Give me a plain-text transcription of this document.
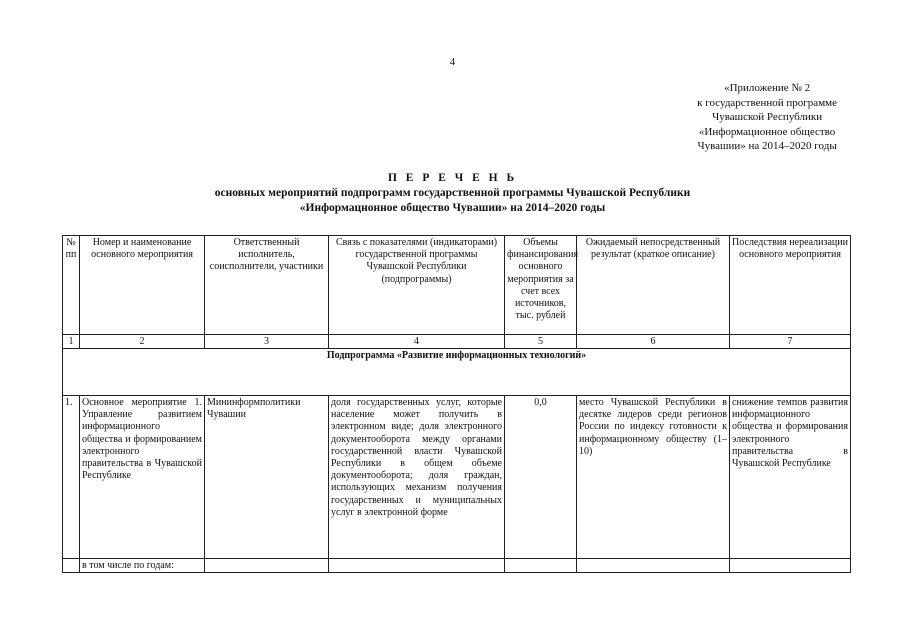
4
«Приложение № 2
к государственной программе
Чувашской Республики
«Информационное общество
Чувашии» на 2014–2020 годы
П Е Р Е Ч Е Н Ь
основных мероприятий подпрограмм государственной программы Чувашской Республики
«Информацнонное общество Чувашии» на 2014–2020 годы
№ пп	Номер и наименование основного мероприятия	Ответственный исполнитель, соисполнители, участники	Связь с показателями (индикаторами) государственной программы Чувашской Республики (подпрограммы)	Объемы финансирования основного мероприятия за счет всех источников, тыс. рублей	Ожидаемый непосредственный результат (краткое описание)	Последствия нереализации основного мероприятия
1	2	3	4	5	6	7
Подпрограмма «Развитие информационных технологий»						
1.	Основное мероприятие 1. Управление развитием информационного общества и формированием электронного правительства в Чувашской Республике	Мининформполитики Чувашии	доля государственных услуг, которые население может получить в электронном виде; доля электронного документооборота между органами государственной власти Чувашской Республики в общем объеме документооборота; доля граждан, использующих механизм получения государственных и муниципальных услуг в электронной форме	0,0	место Чувашской Республики в десятке лидеров среди регионов России по индексу готовности к информационному обществу (1–10)	снижение темпов развития информационного общества и формирования электронного правительства в Чувашской Республике
	в том числе по годам:					
